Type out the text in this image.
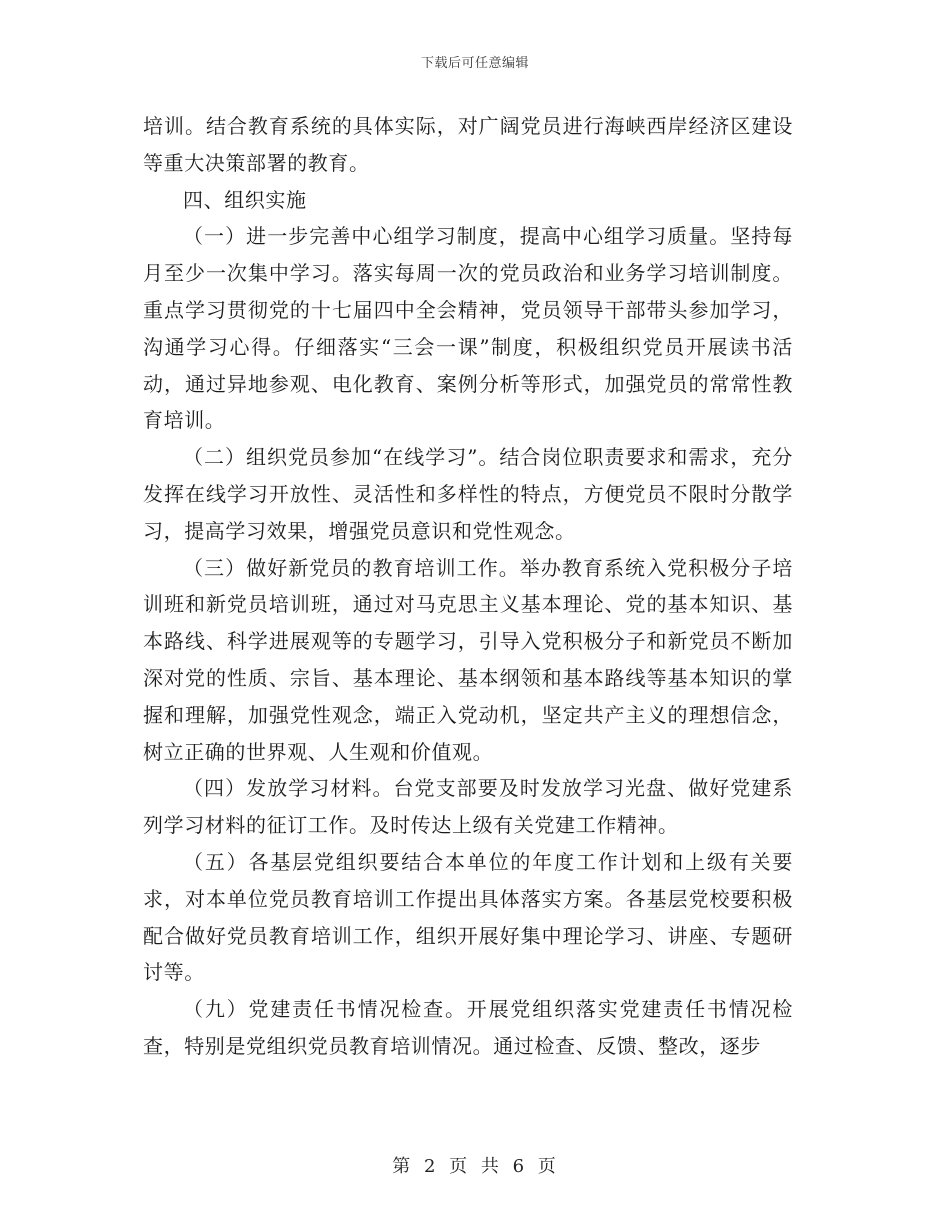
下载后可任意编辑

培训。结合教育系统的具体实际，对广阔党员进行海峡西岸经济区建设等重大决策部署的教育。

四、组织实施

（一）进一步完善中心组学习制度，提高中心组学习质量。坚持每月至少一次集中学习。落实每周一次的党员政治和业务学习培训制度。重点学习贯彻党的十七届四中全会精神，党员领导干部带头参加学习，沟通学习心得。仔细落实“三会一课”制度，积极组织党员开展读书活动，通过异地参观、电化教育、案例分析等形式，加强党员的常常性教育培训。

（二）组织党员参加“在线学习”。结合岗位职责要求和需求，充分发挥在线学习开放性、灵活性和多样性的特点，方便党员不限时分散学习，提高学习效果，增强党员意识和党性观念。

（三）做好新党员的教育培训工作。举办教育系统入党积极分子培训班和新党员培训班，通过对马克思主义基本理论、党的基本知识、基本路线、科学进展观等的专题学习，引导入党积极分子和新党员不断加深对党的性质、宗旨、基本理论、基本纲领和基本路线等基本知识的掌握和理解，加强党性观念，端正入党动机，坚定共产主义的理想信念，树立正确的世界观、人生观和价值观。

（四）发放学习材料。台党支部要及时发放学习光盘、做好党建系列学习材料的征订工作。及时传达上级有关党建工作精神。

（五）各基层党组织要结合本单位的年度工作计划和上级有关要求，对本单位党员教育培训工作提出具体落实方案。各基层党校要积极配合做好党员教育培训工作，组织开展好集中理论学习、讲座、专题研讨等。

（九）党建责任书情况检查。开展党组织落实党建责任书情况检查，特别是党组织党员教育培训情况。通过检查、反馈、整改，逐步

第 2 页 共 6 页
